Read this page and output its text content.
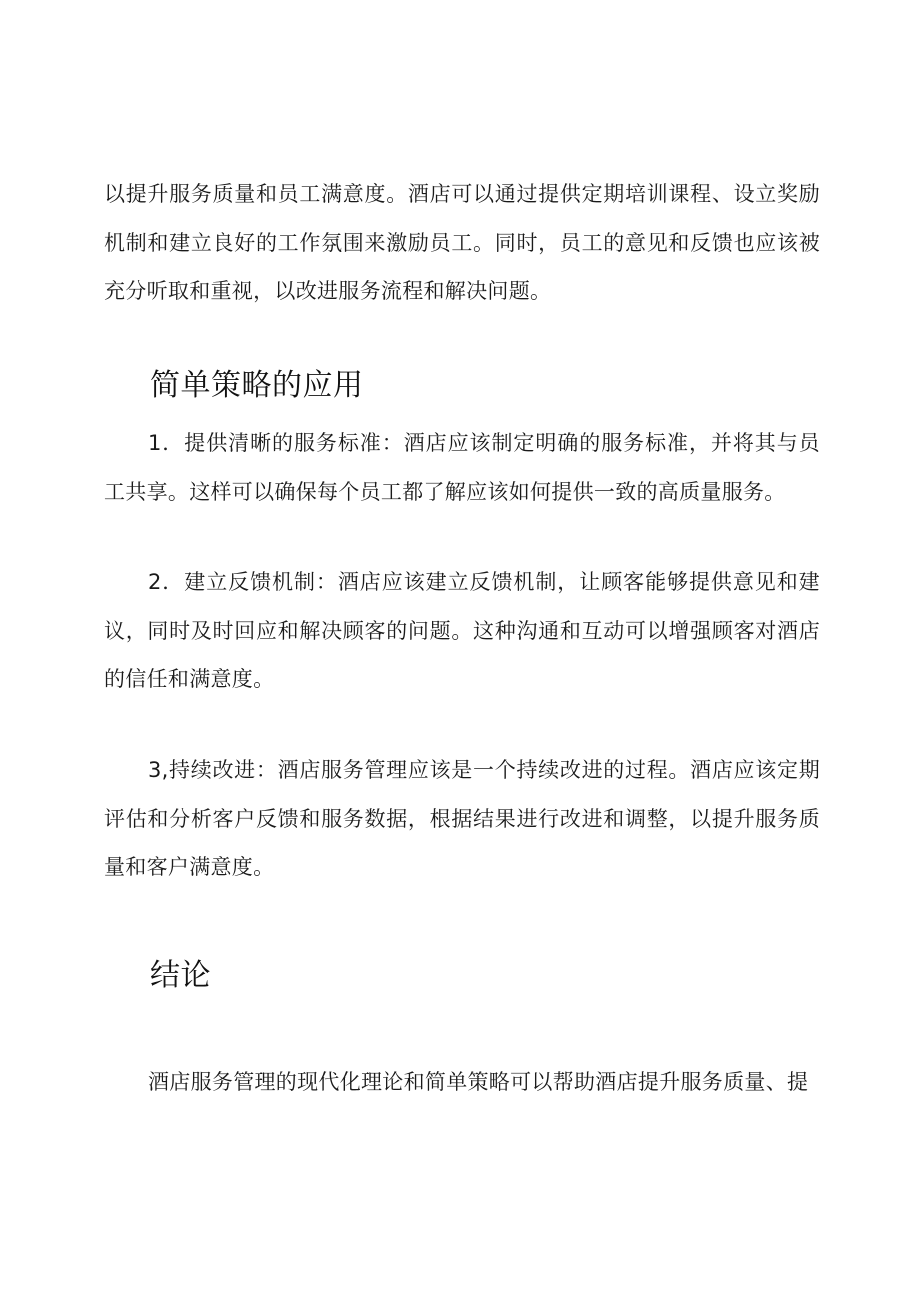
以提升服务质量和员工满意度。酒店可以通过提供定期培训课程、设立奖励机制和建立良好的工作氛围来激励员工。同时，员工的意见和反馈也应该被充分听取和重视，以改进服务流程和解决问题。

简单策略的应用

1．提供清晰的服务标准：酒店应该制定明确的服务标准，并将其与员工共享。这样可以确保每个员工都了解应该如何提供一致的高质量服务。

2．建立反馈机制：酒店应该建立反馈机制，让顾客能够提供意见和建议，同时及时回应和解决顾客的问题。这种沟通和互动可以增强顾客对酒店的信任和满意度。

3,持续改进：酒店服务管理应该是一个持续改进的过程。酒店应该定期评估和分析客户反馈和服务数据，根据结果进行改进和调整，以提升服务质量和客户满意度。

结论

酒店服务管理的现代化理论和简单策略可以帮助酒店提升服务质量、提
